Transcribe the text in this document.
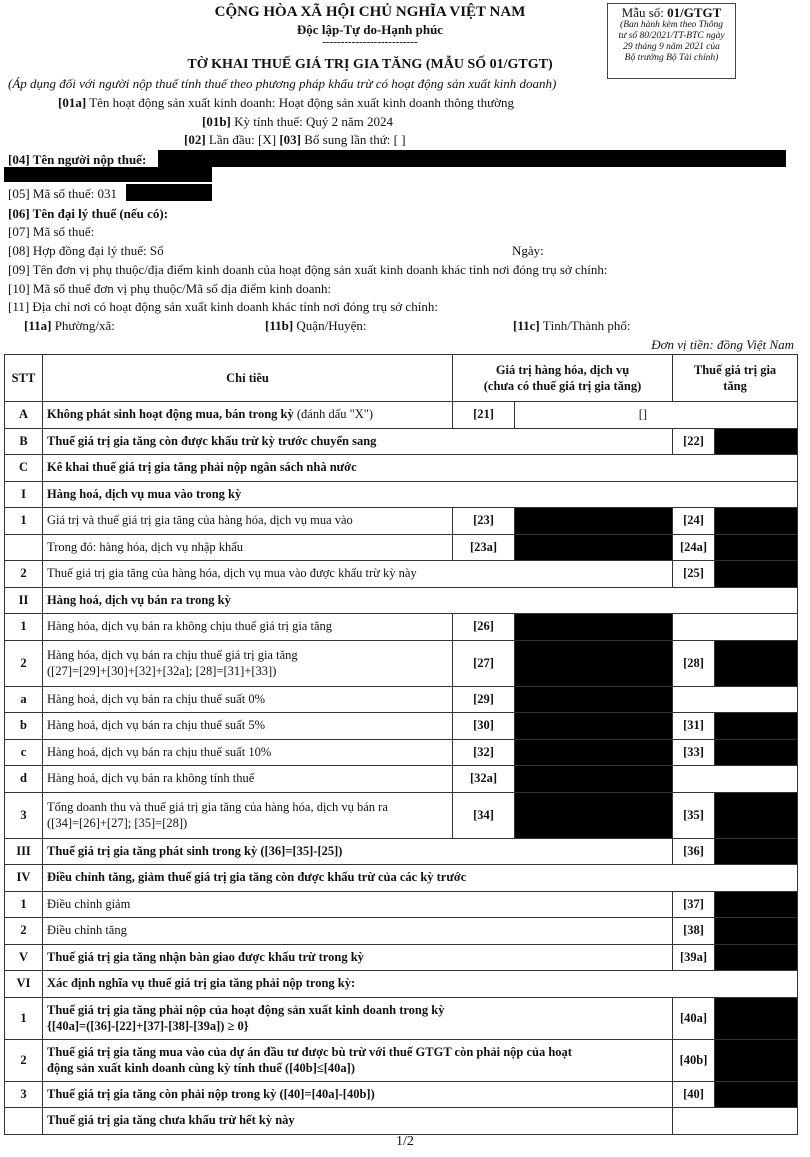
CỘNG HÒA XÃ HỘI CHỦ NGHĨA VIỆT NAM
Độc lập-Tự do-Hạnh phúc
--------------------------
Mẫu số: 01/GTGT
(Ban hành kèm theo Thông
tư số 80/2021/TT-BTC ngày
29 tháng 9 năm 2021 của
Bộ trưởng Bộ Tài chính)
TỜ KHAI THUẾ GIÁ TRỊ GIA TĂNG (MẪU SỐ 01/GTGT)
(Áp dụng đối với người nộp thuế tính thuế theo phương pháp khấu trừ có hoạt động sản xuất kinh doanh)
[01a] Tên hoạt động sản xuất kinh doanh: Hoạt động sản xuất kinh doanh thông thường
[01b] Kỳ tính thuế: Quý 2 năm 2024
[02] Lần đầu: [X] [03] Bổ sung lần thứ: [ ]
[04] Tên người nộp thuế:
[05] Mã số thuế: 031
[06] Tên đại lý thuế (nếu có):
[07] Mã số thuế:
[08] Hợp đồng đại lý thuế: Số	Ngày:
[09] Tên đơn vị phụ thuộc/địa điểm kinh doanh của hoạt động sản xuất kinh doanh khác tỉnh nơi đóng trụ sở chính:
[10] Mã số thuế đơn vị phụ thuộc/Mã số địa điểm kinh doanh:
[11] Địa chỉ nơi có hoạt động sản xuất kinh doanh khác tỉnh nơi đóng trụ sở chính:
[11a] Phường/xã:	[11b] Quận/Huyện:	[11c] Tỉnh/Thành phố:
Đơn vị tiền: đồng Việt Nam
STT	Chỉ tiêu	Giá trị hàng hóa, dịch vụ
(chưa có thuế giá trị gia tăng)		Thuế giá trị gia
tăng	
A	Không phát sinh hoạt động mua, bán trong kỳ (đánh dấu "X")	[21]	[]		
B	Thuế giá trị gia tăng còn được khấu trừ kỳ trước chuyển sang			[22]	
C	Kê khai thuế giá trị gia tăng phải nộp ngân sách nhà nước				
I	Hàng hoá, dịch vụ mua vào trong kỳ				
1	Giá trị và thuế giá trị gia tăng của hàng hóa, dịch vụ mua vào	[23]		[24]	
	Trong đó: hàng hóa, dịch vụ nhập khẩu	[23a]		[24a]	
2	Thuế giá trị gia tăng của hàng hóa, dịch vụ mua vào được khấu trừ kỳ này			[25]	
II	Hàng hoá, dịch vụ bán ra trong kỳ				
1	Hàng hóa, dịch vụ bán ra không chịu thuế giá trị gia tăng	[26]			
2	Hàng hóa, dịch vụ bán ra chịu thuế giá trị gia tăng
([27]=[29]+[30]+[32]+[32a]; [28]=[31]+[33])	[27]		[28]	
a	Hàng hoá, dịch vụ bán ra chịu thuế suất 0%	[29]			
b	Hàng hoá, dịch vụ bán ra chịu thuế suất 5%	[30]		[31]	
c	Hàng hoá, dịch vụ bán ra chịu thuế suất 10%	[32]		[33]	
d	Hàng hoá, dịch vụ bán ra không tính thuế	[32a]			
3	Tổng doanh thu và thuế giá trị gia tăng của hàng hóa, dịch vụ bán ra
([34]=[26]+[27]; [35]=[28])	[34]		[35]	
III	Thuế giá trị gia tăng phát sinh trong kỳ ([36]=[35]-[25])			[36]	
IV	Điều chỉnh tăng, giảm thuế giá trị gia tăng còn được khấu trừ của các kỳ trước				
1	Điều chỉnh giảm			[37]	
2	Điều chỉnh tăng			[38]	
V	Thuế giá trị gia tăng nhận bàn giao được khấu trừ trong kỳ			[39a]	
VI	Xác định nghĩa vụ thuế giá trị gia tăng phải nộp trong kỳ:				
1	Thuế giá trị gia tăng phải nộp của hoạt động sản xuất kinh doanh trong kỳ
{[40a]=([36]-[22]+[37]-[38]-[39a]) ≥ 0}			[40a]	
2	Thuế giá trị gia tăng mua vào của dự án đầu tư được bù trừ với thuế GTGT còn phải nộp của hoạt
động sản xuất kinh doanh cùng kỳ tính thuế ([40b]≤[40a])			[40b]	
3	Thuế giá trị gia tăng còn phải nộp trong kỳ ([40]=[40a]-[40b])			[40]	
	Thuế giá trị gia tăng chưa khấu trừ hết kỳ này				
1/2
